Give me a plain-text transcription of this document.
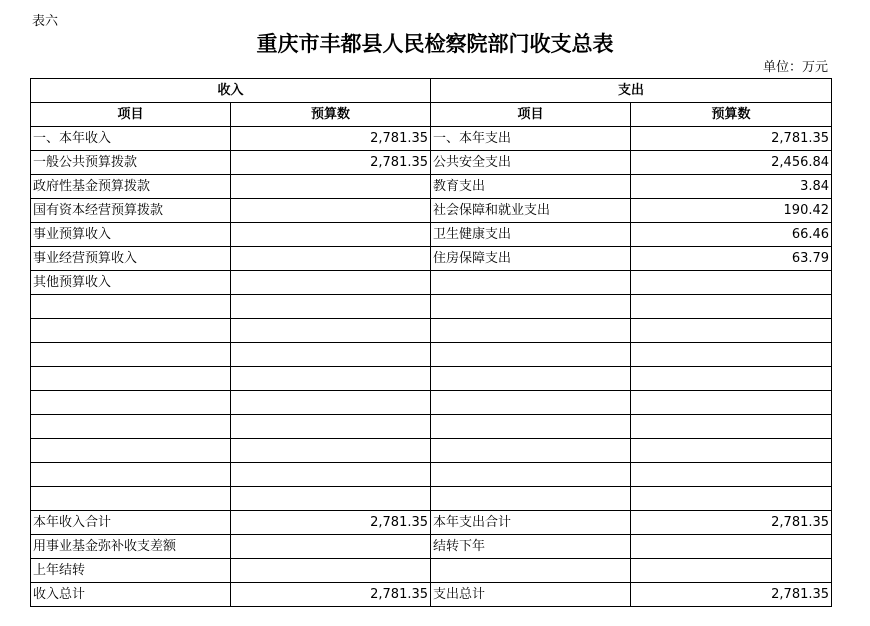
表六
重庆市丰都县人民检察院部门收支总表
单位：万元
收入		支出	
项目	预算数	项目	预算数
一、本年收入	2,781.35	一、本年支出	2,781.35
一般公共预算拨款	2,781.35	公共安全支出	2,456.84
政府性基金预算拨款		教育支出	3.84
国有资本经营预算拨款		社会保障和就业支出	190.42
事业预算收入		卫生健康支出	66.46
事业经营预算收入		住房保障支出	63.79
其他预算收入			

本年收入合计	2,781.35	本年支出合计	2,781.35
用事业基金弥补收支差额		结转下年	
上年结转			
收入总计	2,781.35	支出总计	2,781.35
